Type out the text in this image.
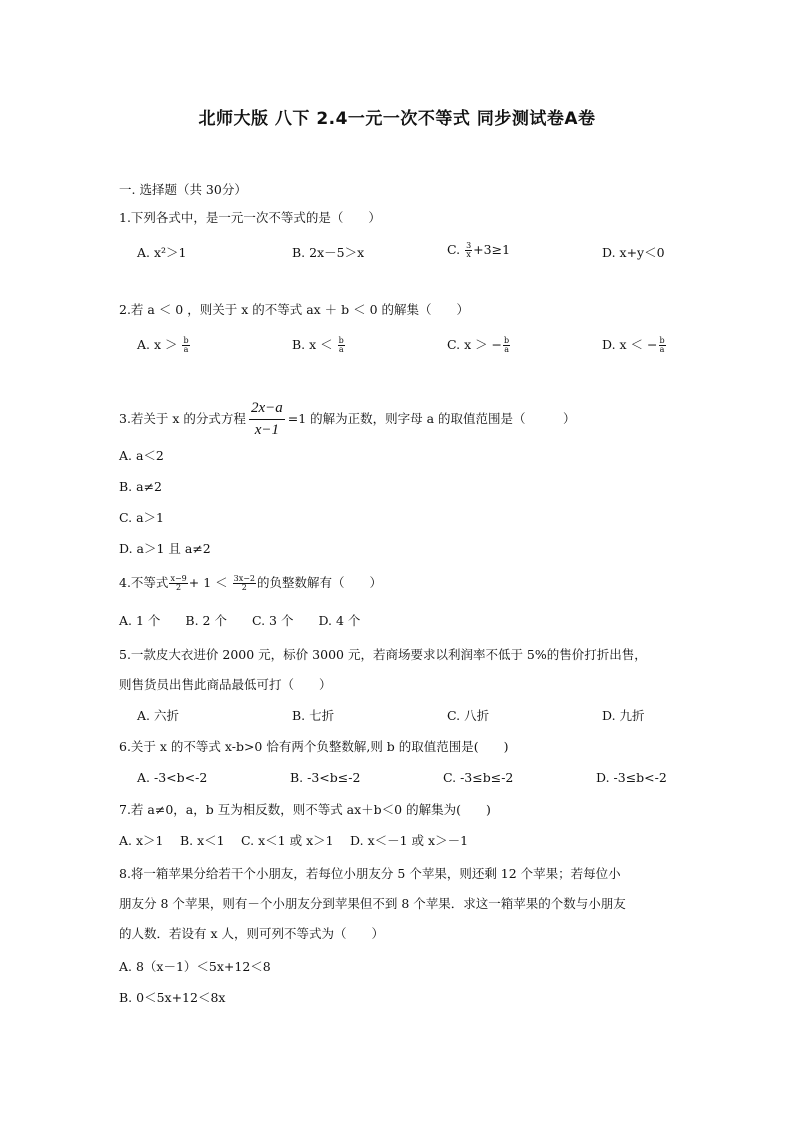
北师大版 八下 2.4一元一次不等式 同步测试卷A卷
一. 选择题（共 30分）
1.下列各式中，是一元一次不等式的是（　　）
A. x²＞1	B. 2x－5＞x	C. $\frac{3}{x} +3\ge 1$	D. x+y＜0
2.若 a ＜ 0 ，则关于 x 的不等式 ax ＋ b ＜ 0 的解集（　　）
A. $x > \frac{b}{a}$	B. $x < \frac{b}{a}$	C. x ＞ − $\frac{b}{a}$	D. x ＜ − $\frac{b}{a}$
3.若关于 x 的分式方程 $\frac{2x-a}{x-1} =1$ 的解为正数，则字母 a 的取值范围是（　　　）
A. a＜2
B. a≠2
C. a＞1
D. a＞1 且 a≠2
4.不等式 $\frac{x-9}{2} + 1 < \frac{3x-2}{2}$ 的负整数解有（　　）
A. 1 个　　B. 2 个　　C. 3 个　　D. 4 个
5.一款皮大衣进价 2000 元，标价 3000 元，若商场要求以利润率不低于 5%的售价打折出售，
则售货员出售此商品最低可打（　　）
A. 六折	B. 七折	C. 八折	D. 九折
6.关于 x 的不等式 x-b>0 恰有两个负整数解,则 b 的取值范围是(　　)
A. -3<b<-2	B. -3<b≤-2	C. -3≤b≤-2	D. -3≤b<-2
7.若 a≠0，a，b 互为相反数，则不等式 ax＋b＜0 的解集为(　　)
A. x＞1　 B. x＜1　 C. x＜1 或 x＞1　 D. x＜－1 或 x＞－1
8.将一箱苹果分给若干个小朋友，若每位小朋友分 5 个苹果，则还剩 12 个苹果；若每位小
朋友分 8 个苹果，则有－个小朋友分到苹果但不到 8 个苹果．求这一箱苹果的个数与小朋友
的人数．若设有 x 人，则可列不等式为（　　）
A. 8（x－1）＜5x+12＜8
B. 0＜5x+12＜8x
